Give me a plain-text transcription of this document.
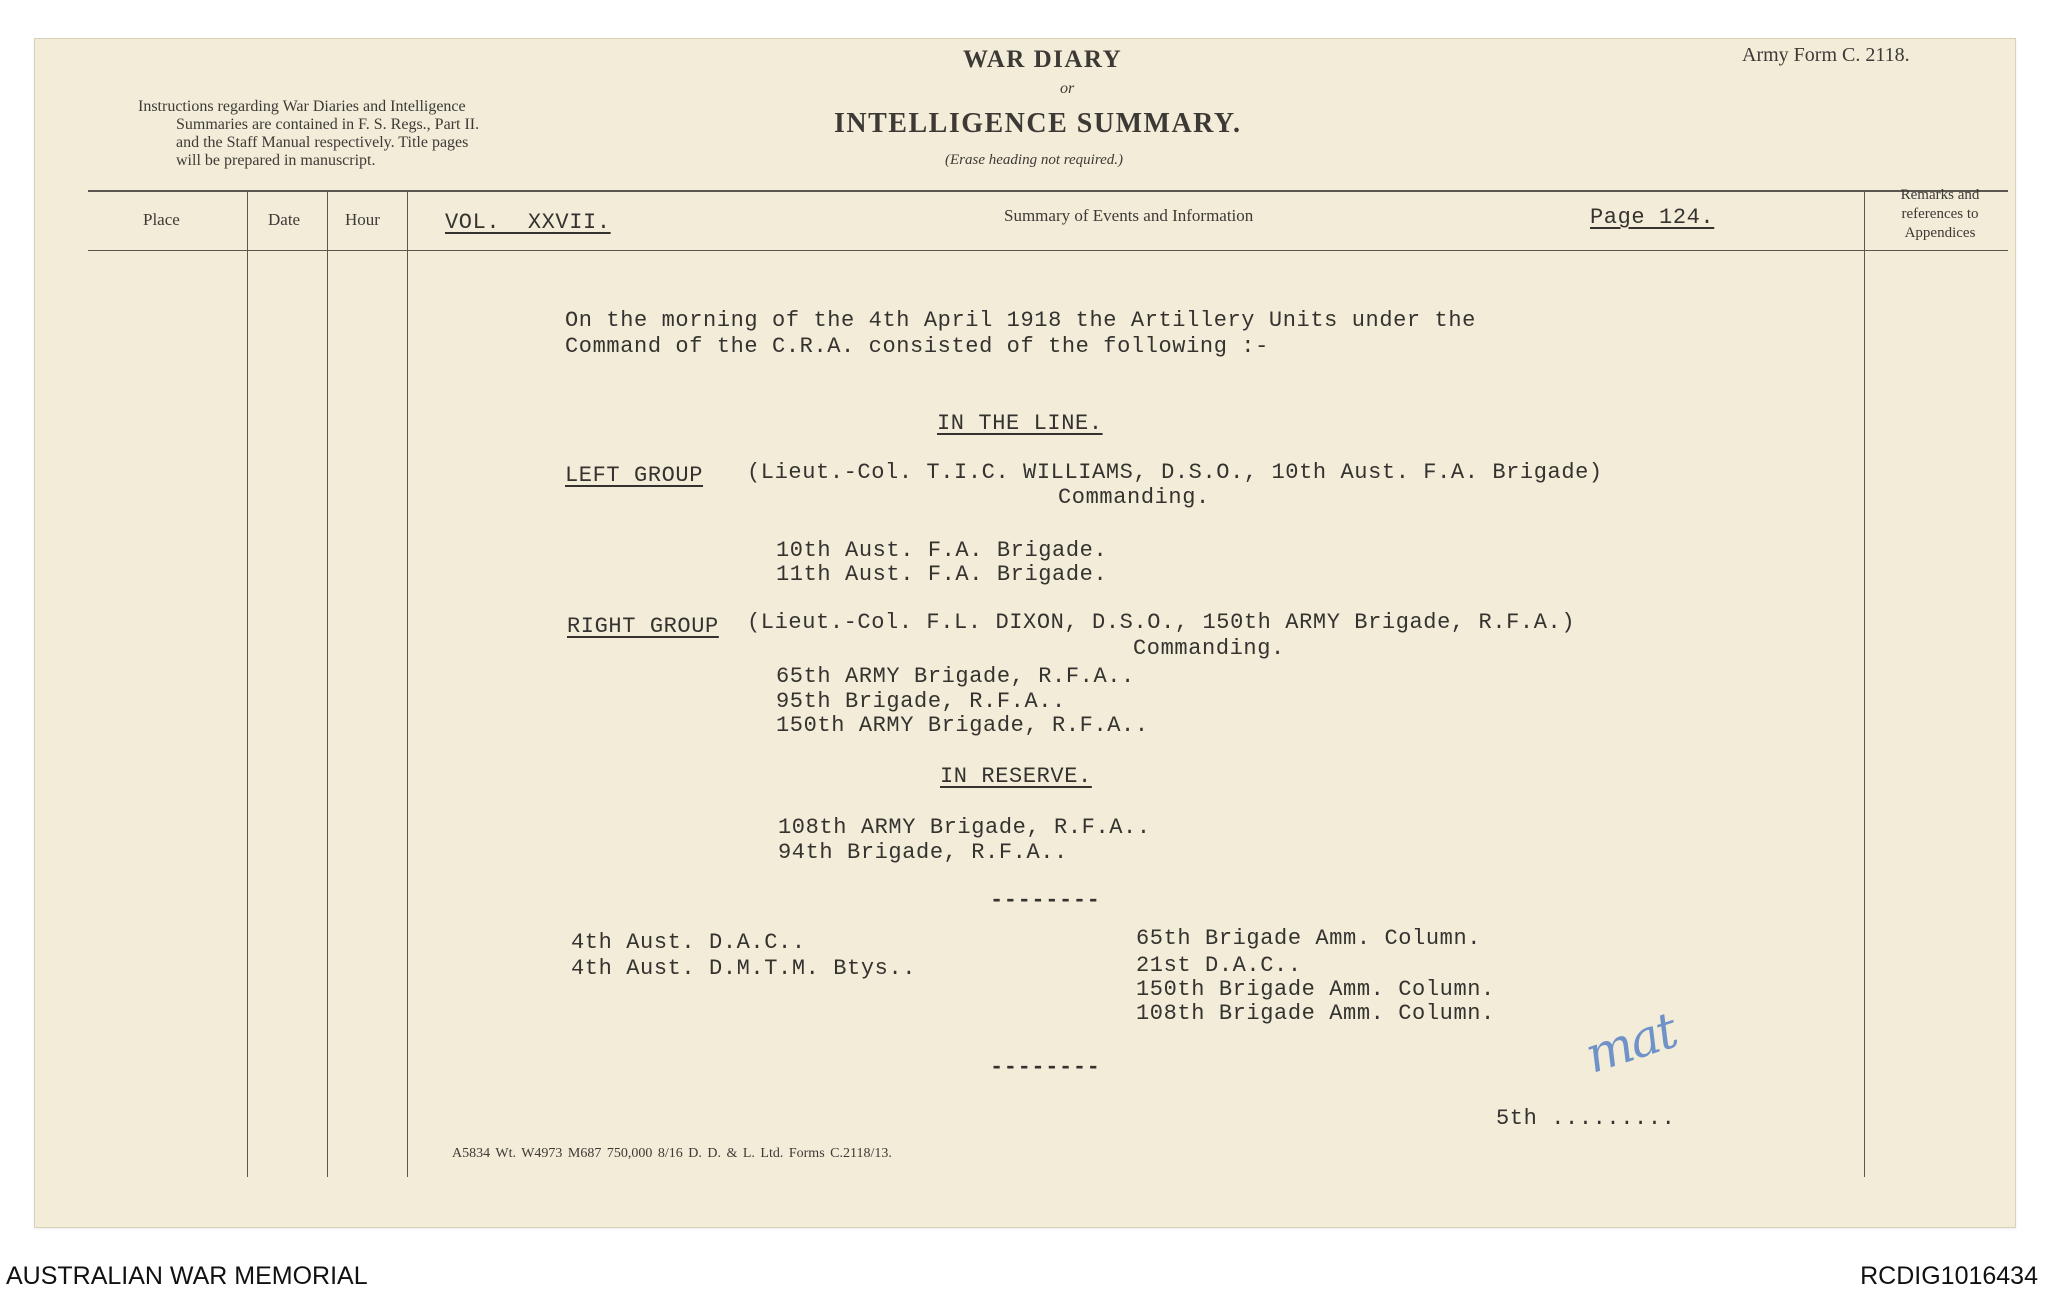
Instructions regarding War Diaries and Intelligence
Summaries are contained in F. S. Regs., Part II.
and the Staff Manual respectively. Title pages
will be prepared in manuscript.
WAR DIARY
or
INTELLIGENCE SUMMARY.
(Erase heading not required.)
Army Form C. 2118.
Place	Date	Hour	VOL.  XXVII.	Summary of Events and Information	Page 124.
Remarks and
references to
Appendices
On the morning of the 4th April 1918 the Artillery Units under the
Command of the C.R.A. consisted of the following :-
IN THE LINE.
LEFT GROUP (Lieut.-Col. T.I.C. WILLIAMS, D.S.O., 10th Aust. F.A. Brigade)
Commanding.
10th Aust. F.A. Brigade.
11th Aust. F.A. Brigade.
RIGHT GROUP (Lieut.-Col. F.L. DIXON, D.S.O., 150th ARMY Brigade, R.F.A.)
Commanding.
65th ARMY Brigade, R.F.A..
95th Brigade, R.F.A..
150th ARMY Brigade, R.F.A..
IN RESERVE.
108th ARMY Brigade, R.F.A..
94th Brigade, R.F.A..
--------
4th Aust. D.A.C..
4th Aust. D.M.T.M. Btys..
65th Brigade Amm. Column.
21st D.A.C..
150th Brigade Amm. Column.
108th Brigade Amm. Column.
--------
5th .........
mat
A5834 Wt. W4973 M687 750,000 8/16 D. D. & L. Ltd. Forms C.2118/13.
AUSTRALIAN WAR MEMORIAL	RCDIG1016434
